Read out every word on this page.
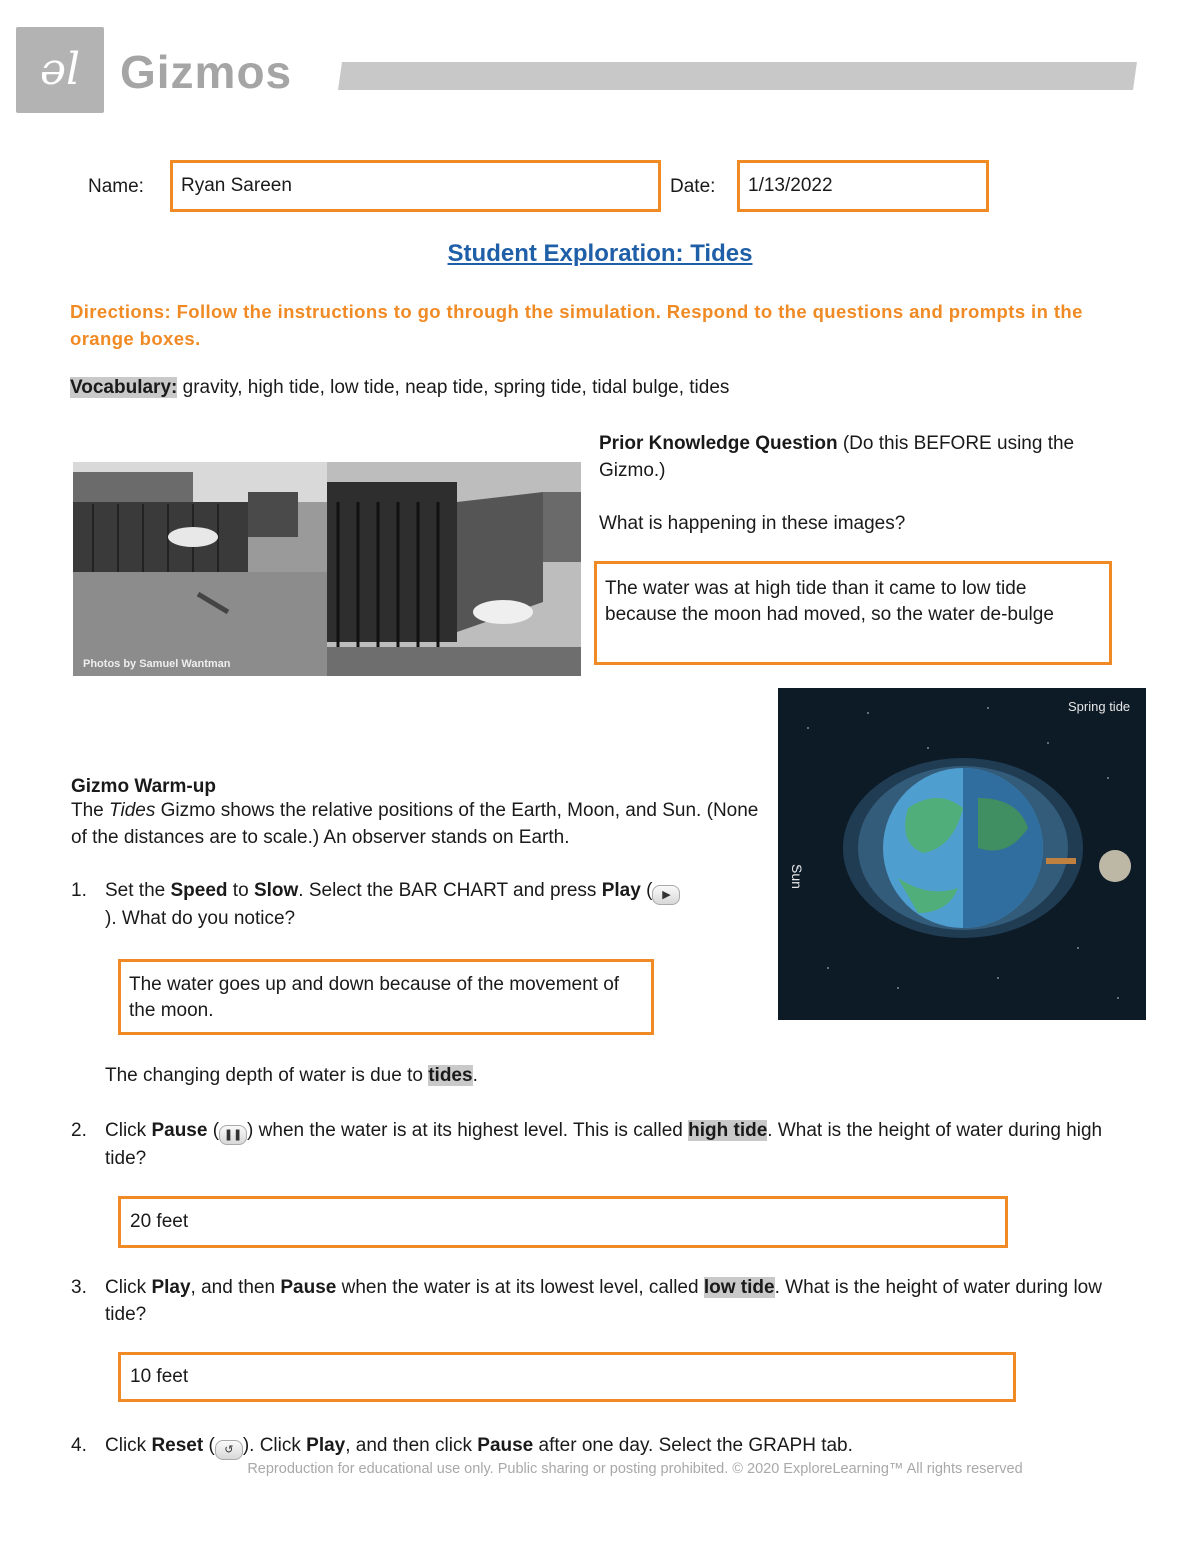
əl Gizmos
Name:	Ryan Sareen	Date:	1/13/2022
Student Exploration: Tides
Directions: Follow the instructions to go through the simulation. Respond to the questions and prompts in the orange boxes.
Vocabulary: gravity, high tide, low tide, neap tide, spring tide, tidal bulge, tides
Photos by Samuel Wantman
Prior Knowledge Question (Do this BEFORE using the Gizmo.)
What is happening in these images?
The water was at high tide than it came to low tide because the moon had moved, so the water de-bulge
Spring tide
Sun
Gizmo Warm-up
The Tides Gizmo shows the relative positions of the Earth, Moon, and Sun. (None of the distances are to scale.) An observer stands on Earth.
1. Set the Speed to Slow. Select the BAR CHART and press Play ( ▶). What do you notice?
The water goes up and down because of the movement of the moon.
The changing depth of water is due to tides.
2. Click Pause ( ❚❚ ) when the water is at its highest level. This is called high tide. What is the height of water during high tide?
20 feet
3. Click Play, and then Pause when the water is at its lowest level, called low tide. What is the height of water during low tide?
10 feet
4. Click Reset ( ↺ ). Click Play, and then click Pause after one day. Select the GRAPH tab.
Reproduction for educational use only. Public sharing or posting prohibited. © 2020 ExploreLearning™ All rights reserved
